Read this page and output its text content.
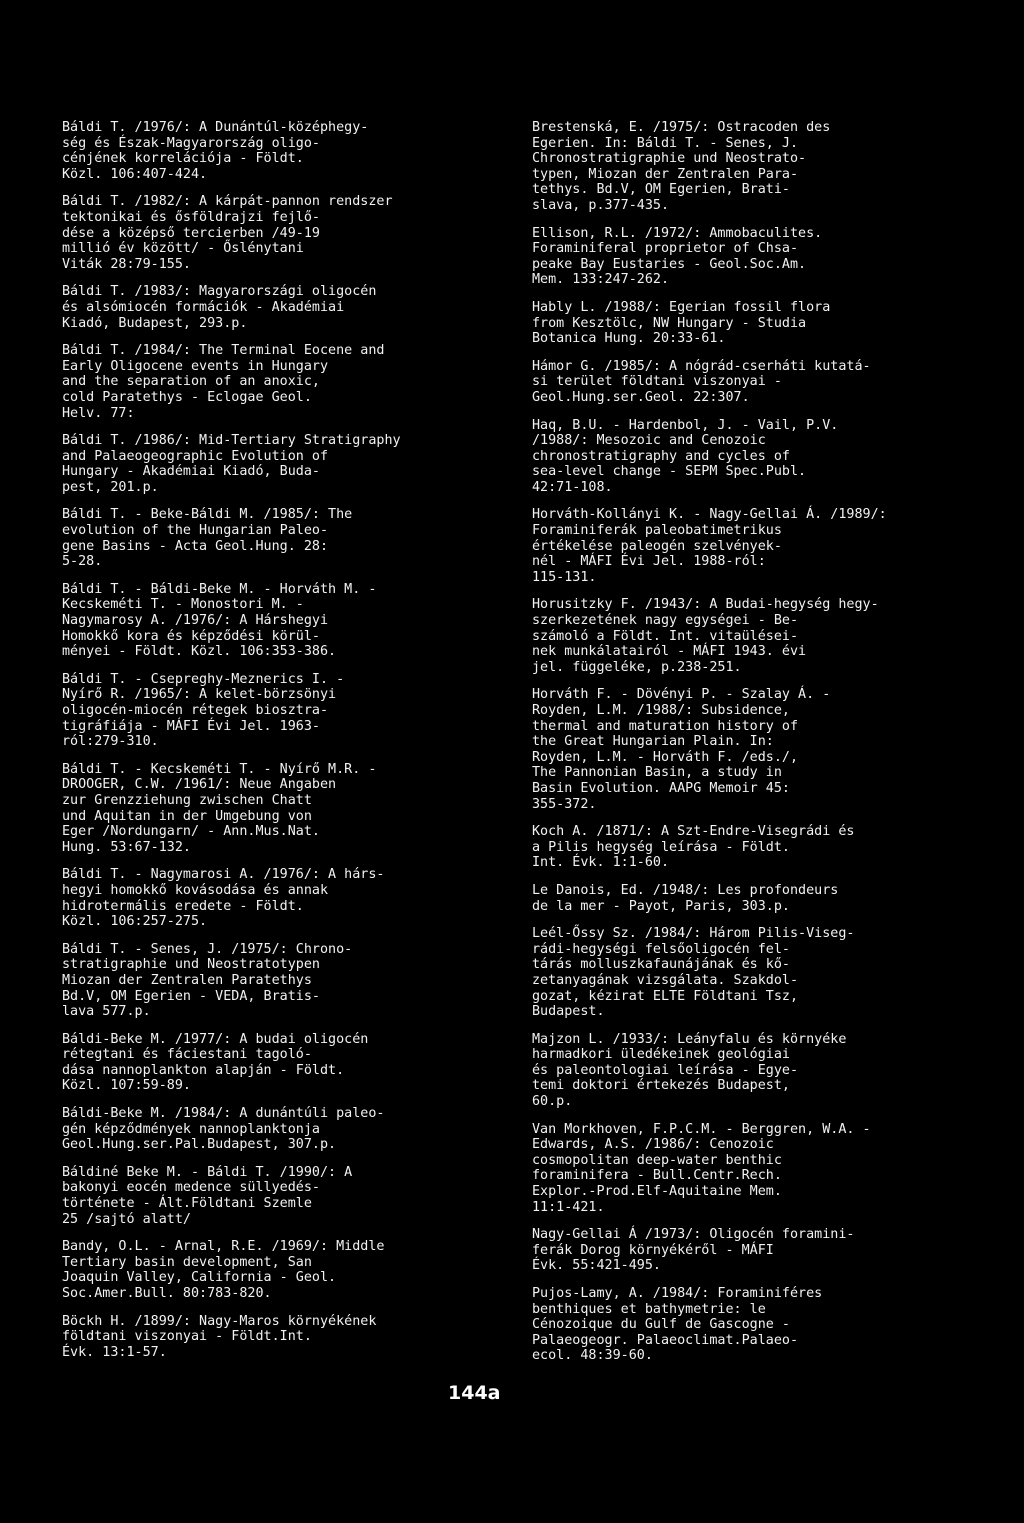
Báldi T. /1976/: A Dunántúl-középhegy-
ség és Észak-Magyarország oligo-
cénjének korrelációja - Földt.
Közl. 106:407-424.
Báldi T. /1982/: A kárpát-pannon rendszer
tektonikai és ősföldrajzi fejlő-
dése a középső tercierben /49-19
millió év között/ - Őslénytani
Viták 28:79-155.
Báldi T. /1983/: Magyarországi oligocén
és alsómiocén formációk - Akadémiai
Kiadó, Budapest, 293.p.
Báldi T. /1984/: The Terminal Eocene and
Early Oligocene events in Hungary
and the separation of an anoxic,
cold Paratethys - Eclogae Geol.
Helv. 77:
Báldi T. /1986/: Mid-Tertiary Stratigraphy
and Palaeogeographic Evolution of
Hungary - Akadémiai Kiadó, Buda-
pest, 201.p.
Báldi T. - Beke-Báldi M. /1985/: The
evolution of the Hungarian Paleo-
gene Basins - Acta Geol.Hung. 28:
5-28.
Báldi T. - Báldi-Beke M. - Horváth M. -
Kecskeméti T. - Monostori M. -
Nagymarosy A. /1976/: A Hárshegyi
Homokkő kora és képződési körül-
ményei - Földt. Közl. 106:353-386.
Báldi T. - Csepreghy-Meznerics I. -
Nyírő R. /1965/: A kelet-börzsönyi
oligocén-miocén rétegek biosztra-
tigráfiája - MÁFI Évi Jel. 1963-
ról:279-310.
Báldi T. - Kecskeméti T. - Nyírő M.R. -
DROOGER, C.W. /1961/: Neue Angaben
zur Grenzziehung zwischen Chatt
und Aquitan in der Umgebung von
Eger /Nordungarn/ - Ann.Mus.Nat.
Hung. 53:67-132.
Báldi T. - Nagymarosi A. /1976/: A hárs-
hegyi homokkő kovásodása és annak
hidrotermális eredete - Földt.
Közl. 106:257-275.
Báldi T. - Senes, J. /1975/: Chrono-
stratigraphie und Neostratotypen
Miozan der Zentralen Paratethys
Bd.V, OM Egerien - VEDA, Bratis-
lava 577.p.
Báldi-Beke M. /1977/: A budai oligocén
rétegtani és fáciestani tagoló-
dása nannoplankton alapján - Földt.
Közl. 107:59-89.
Báldi-Beke M. /1984/: A dunántúli paleo-
gén képződmények nannoplanktonja
Geol.Hung.ser.Pal.Budapest, 307.p.
Báldiné Beke M. - Báldi T. /1990/: A
bakonyi eocén medence süllyedés-
története - Ált.Földtani Szemle
25 /sajtó alatt/
Bandy, O.L. - Arnal, R.E. /1969/: Middle
Tertiary basin development, San
Joaquin Valley, California - Geol.
Soc.Amer.Bull. 80:783-820.
Böckh H. /1899/: Nagy-Maros környékének
földtani viszonyai - Földt.Int.
Évk. 13:1-57.
Brestenská, E. /1975/: Ostracoden des
Egerien. In: Báldi T. - Senes, J.
Chronostratigraphie und Neostrato-
typen, Miozan der Zentralen Para-
tethys. Bd.V, OM Egerien, Brati-
slava, p.377-435.
Ellison, R.L. /1972/: Ammobaculites.
Foraminiferal proprietor of Chsa-
peake Bay Eustaries - Geol.Soc.Am.
Mem. 133:247-262.
Hably L. /1988/: Egerian fossil flora
from Kesztölc, NW Hungary - Studia
Botanica Hung. 20:33-61.
Hámor G. /1985/: A nógrád-cserháti kutatá-
si terület földtani viszonyai -
Geol.Hung.ser.Geol. 22:307.
Haq, B.U. - Hardenbol, J. - Vail, P.V.
/1988/: Mesozoic and Cenozoic
chronostratigraphy and cycles of
sea-level change - SEPM Spec.Publ.
42:71-108.
Horváth-Kollányi K. - Nagy-Gellai Á. /1989/:
Foraminiferák paleobatimetrikus
értékelése paleogén szelvények-
nél - MÁFI Évi Jel. 1988-ról:
115-131.
Horusitzky F. /1943/: A Budai-hegység hegy-
szerkezetének nagy egységei - Be-
számoló a Földt. Int. vitaülései-
nek munkálatairól - MÁFI 1943. évi
jel. függeléke, p.238-251.
Horváth F. - Dövényi P. - Szalay Á. -
Royden, L.M. /1988/: Subsidence,
thermal and maturation history of
the Great Hungarian Plain. In:
Royden, L.M. - Horváth F. /eds./,
The Pannonian Basin, a study in
Basin Evolution. AAPG Memoir 45:
355-372.
Koch A. /1871/: A Szt-Endre-Visegrádi és
a Pilis hegység leírása - Földt.
Int. Évk. 1:1-60.
Le Danois, Ed. /1948/: Les profondeurs
de la mer - Payot, Paris, 303.p.
Leél-Őssy Sz. /1984/: Három Pilis-Viseg-
rádi-hegységi felsőoligocén fel-
tárás molluszkafaunájának és kő-
zetanyagának vizsgálata. Szakdol-
gozat, kézirat ELTE Földtani Tsz,
Budapest.
Majzon L. /1933/: Leányfalu és környéke
harmadkori üledékeinek geológiai
és paleontologiai leírása - Egye-
temi doktori értekezés Budapest,
60.p.
Van Morkhoven, F.P.C.M. - Berggren, W.A. -
Edwards, A.S. /1986/: Cenozoic
cosmopolitan deep-water benthic
foraminifera - Bull.Centr.Rech.
Explor.-Prod.Elf-Aquitaine Mem.
11:1-421.
Nagy-Gellai Á /1973/: Oligocén foramini-
ferák Dorog környékéről - MÁFI
Évk. 55:421-495.
Pujos-Lamy, A. /1984/: Foraminiféres
benthiques et bathymetrie: le
Cénozoique du Gulf de Gascogne -
Palaeogeogr. Palaeoclimat.Palaeo-
ecol. 48:39-60.
144a
